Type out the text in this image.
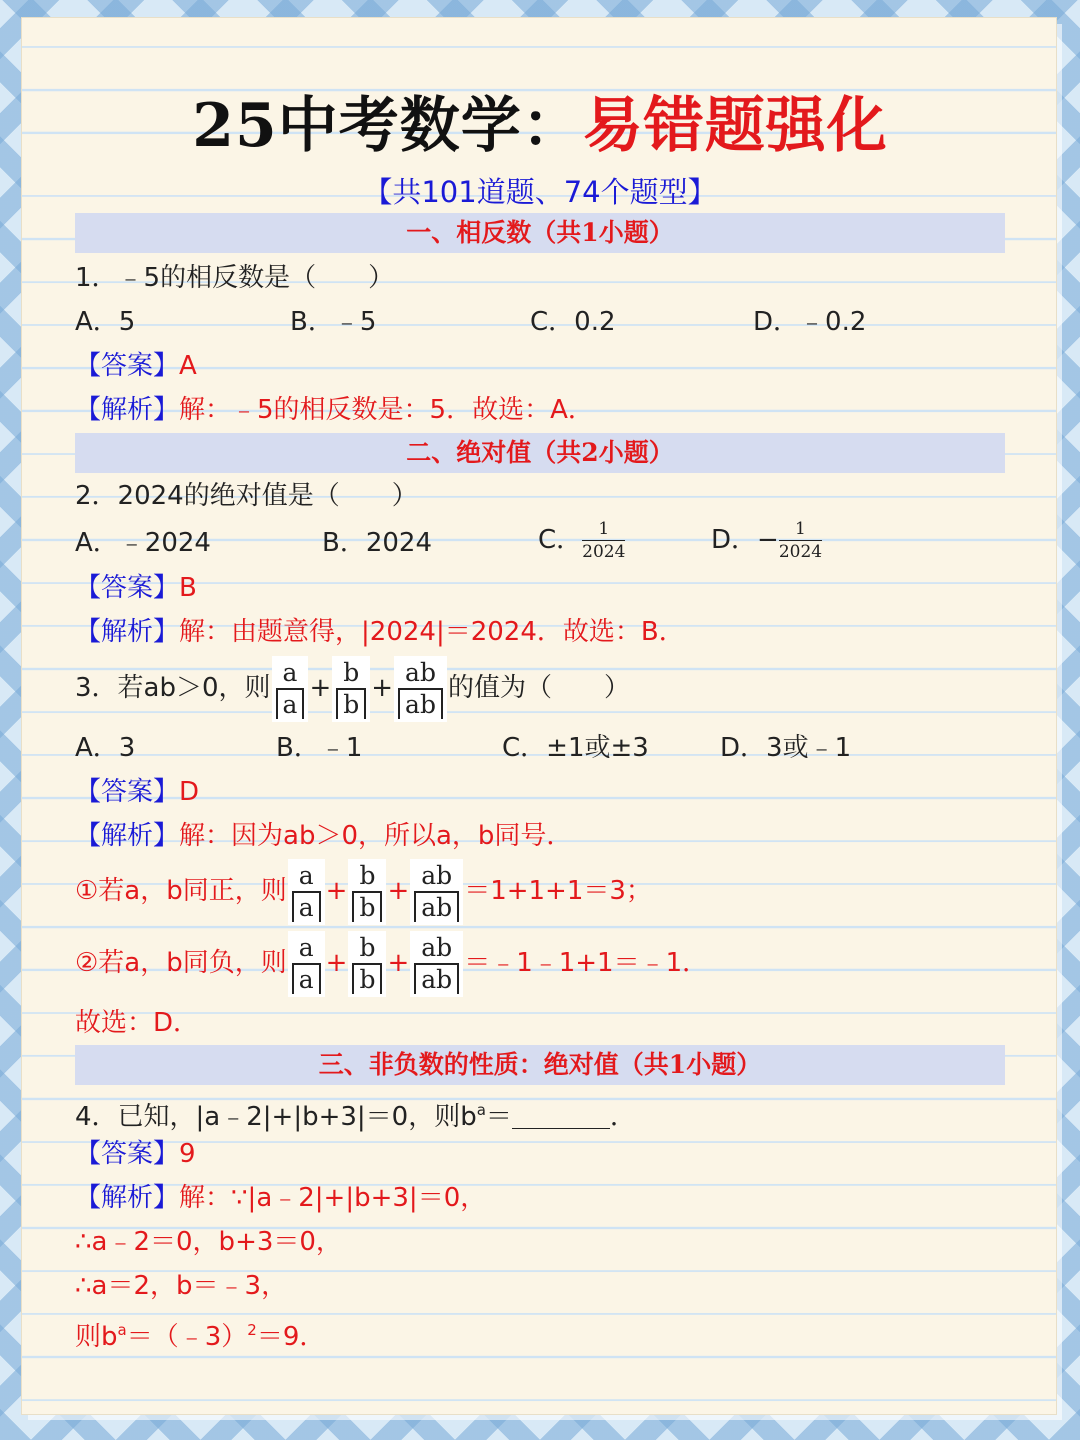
25中考数学：易错题强化
【共101道题、74个题型】
一、相反数（共1小题）
1．﹣5的相反数是（　　）
A．5	B．﹣5	C．0.2	D．﹣0.2
【答案】A
【解析】解：﹣5的相反数是：5．故选：A．
二、绝对值（共2小题）
2．2024的绝对值是（　　）
A．﹣2024	B．2024	C． $\frac{1}{2024}$	D．− $\frac{1}{2024}$
【答案】B
【解析】解：由题意得，|2024|＝2024．故选：B．
3．若ab＞0，则 $\frac{a}{a} + \frac{b}{b} + \frac{ab}{ab}$ 的值为（　　）
A．3	B．﹣1	C．±1或±3	D．3或﹣1
【答案】D
【解析】解：因为ab＞0，所以a，b同号．
①若a，b同正，则 $\frac{a}{a} + \frac{b}{b} + \frac{ab}{ab} =1+1+1=3$；
②若a，b同负，则 $\frac{a}{a} + \frac{b}{b} + \frac{ab}{ab}$ ＝﹣1﹣1+1＝﹣1．
故选：D．
三、非负数的性质：绝对值（共1小题）
4．已知，|a﹣2|+|b+3|＝0，则$b^a=$	．
【答案】9
【解析】解：∵|a﹣2|+|b+3|＝0，
∴a﹣2＝0，b+3＝0，
∴a＝2，b＝﹣3，
则$b^a=(﹣3)^2=9$．
